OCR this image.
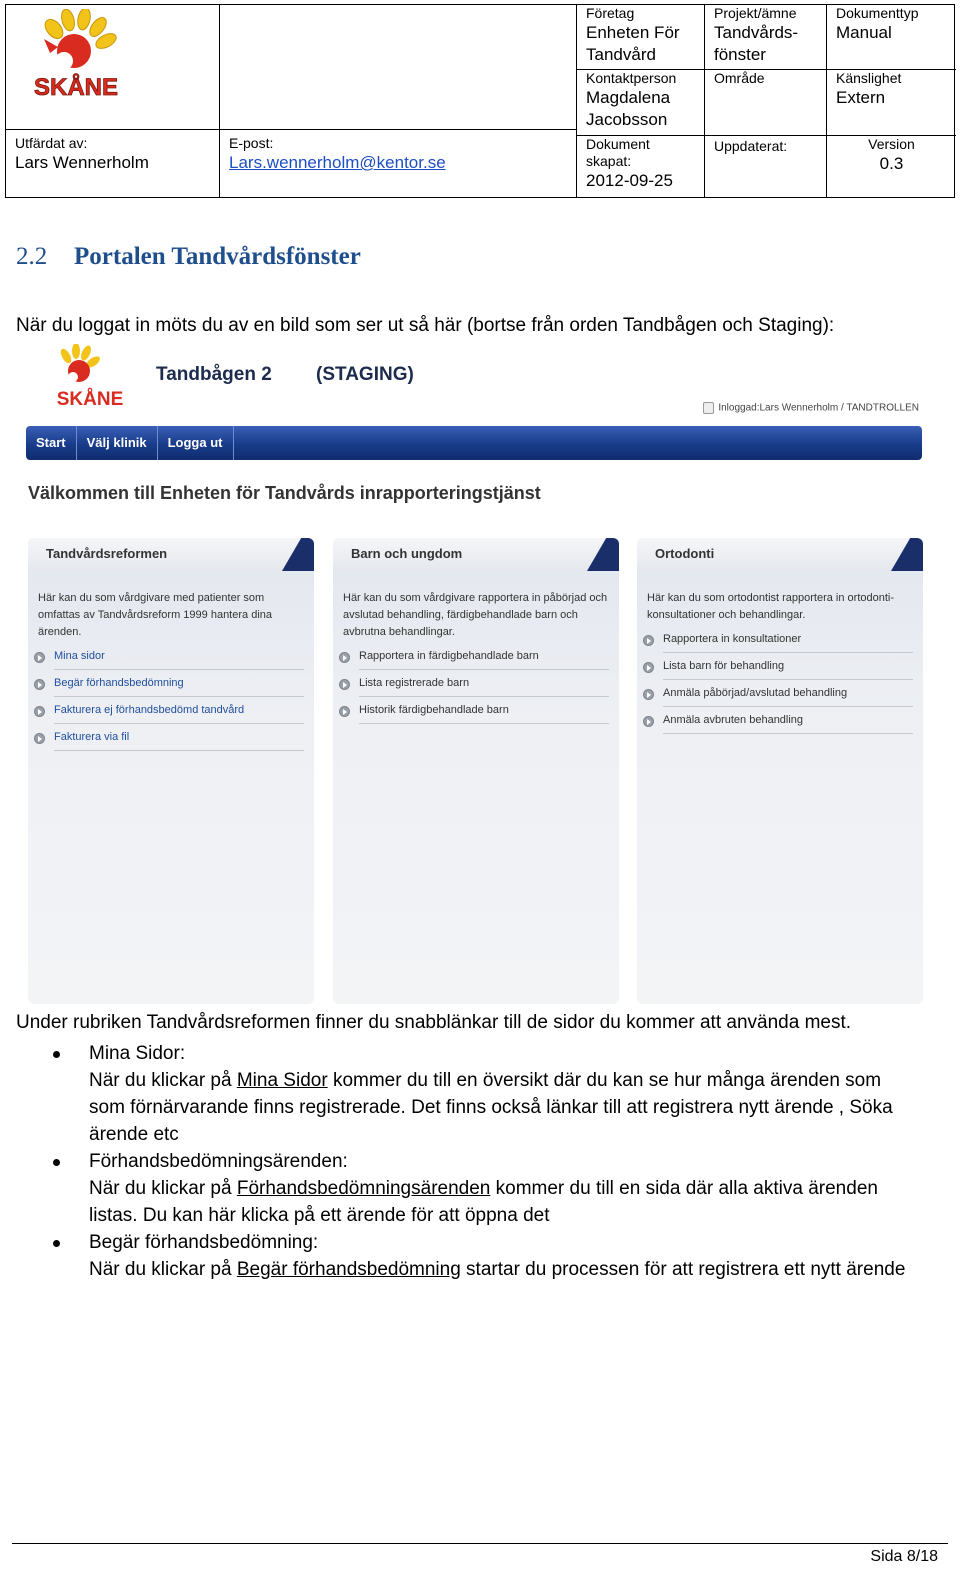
SKÅNE
Utfärdat av:
Lars Wennerholm
E-post:
Lars.wennerholm@kentor.se
Företag
Enheten För
Tandvård
Kontaktperson
Magdalena
Jacobsson
Dokument
skapat:
2012-09-25
Projekt/ämne
Tandvårds-
fönster
Område
Uppdaterat:
Dokumenttyp
Manual
Känslighet
Extern
Version
0.3
2.2 Portalen Tandvårdsfönster
När du loggat in möts du av en bild som ser ut så här (bortse från orden Tandbågen och Staging):
SKÅNE
Tandbågen 2 (STAGING)
Inloggad:Lars Wennerholm / TANDTROLLEN
Start Välj klinik Logga ut
Välkommen till Enheten för Tandvårds inrapporteringstjänst
Tandvårdsreformen
Här kan du som vårdgivare med patienter som omfattas av Tandvårdsreform 1999 hantera dina ärenden.
Mina sidor
Begär förhandsbedömning
Fakturera ej förhandsbedömd tandvård
Fakturera via fil
Barn och ungdom
Här kan du som vårdgivare rapportera in påbörjad och avslutad behandling, färdigbehandlade barn och avbrutna behandlingar.
Rapportera in färdigbehandlade barn
Lista registrerade barn
Historik färdigbehandlade barn
Ortodonti
Här kan du som ortodontist rapportera in ortodonti-konsultationer och behandlingar.
Rapportera in konsultationer
Lista barn för behandling
Anmäla påbörjad/avslutad behandling
Anmäla avbruten behandling
Under rubriken Tandvårdsreformen finner du snabblänkar till de sidor du kommer att använda mest.
Mina Sidor:
När du klickar på Mina Sidor kommer du till en översikt där du kan se hur många ärenden som som förnärvarande finns registrerade. Det finns också länkar till att registrera nytt ärende , Söka ärende etc
Förhandsbedömningsärenden:
När du klickar på Förhandsbedömningsärenden kommer du till en sida där alla aktiva ärenden listas. Du kan här klicka på ett ärende för att öppna det
Begär förhandsbedömning:
När du klickar på Begär förhandsbedömning startar du processen för att registrera ett nytt ärende
Sida 8/18
